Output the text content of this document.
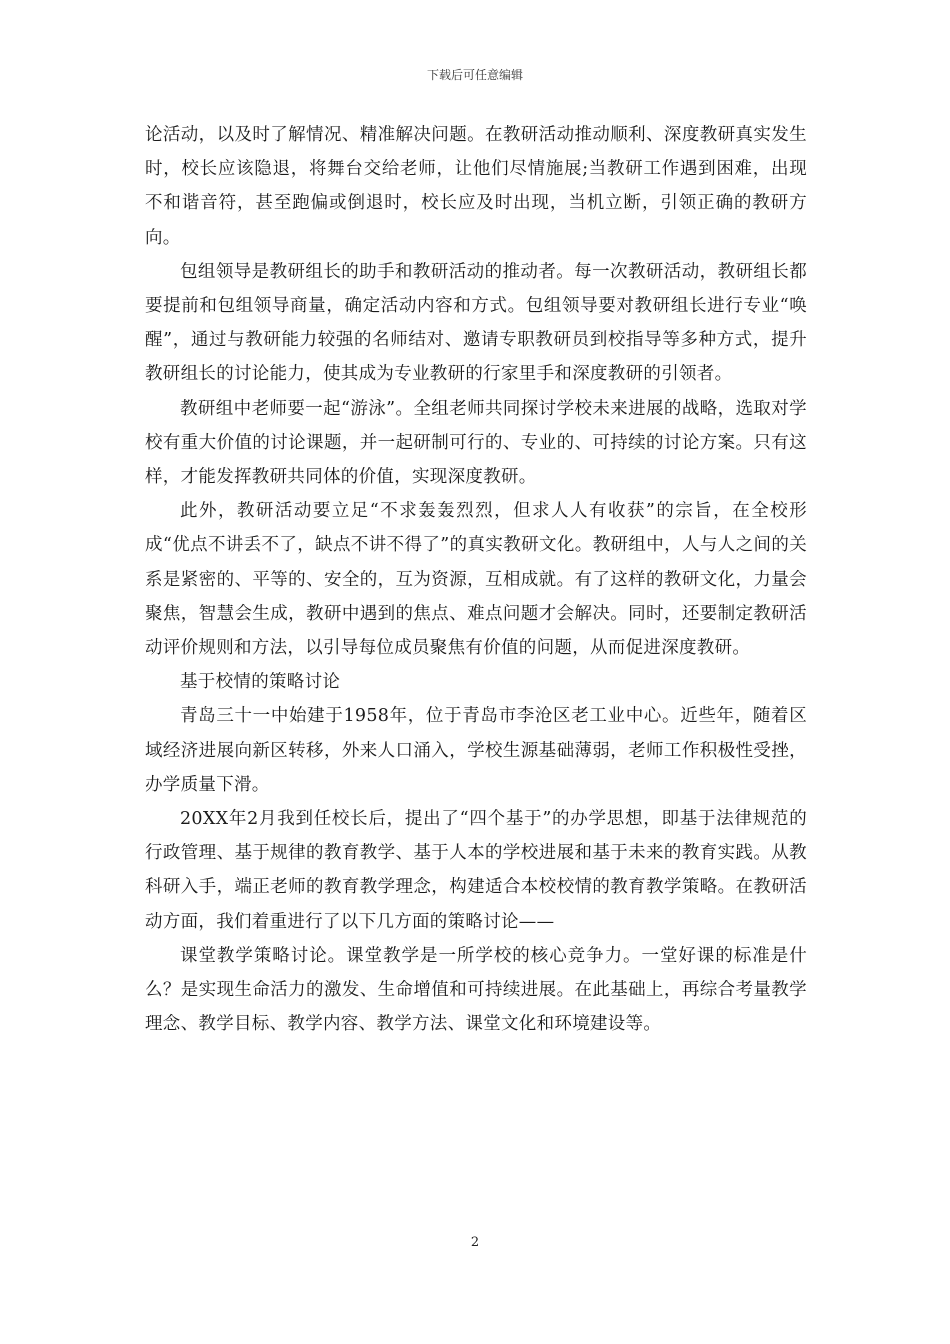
下载后可任意编辑

论活动，以及时了解情况、精准解决问题。在教研活动推动顺利、深度教研真实发生时，校长应该隐退，将舞台交给老师，让他们尽情施展;当教研工作遇到困难，出现不和谐音符，甚至跑偏或倒退时，校长应及时出现，当机立断，引领正确的教研方向。

包组领导是教研组长的助手和教研活动的推动者。每一次教研活动，教研组长都要提前和包组领导商量，确定活动内容和方式。包组领导要对教研组长进行专业“唤醒”，通过与教研能力较强的名师结对、邀请专职教研员到校指导等多种方式，提升教研组长的讨论能力，使其成为专业教研的行家里手和深度教研的引领者。

教研组中老师要一起“游泳”。全组老师共同探讨学校未来进展的战略，选取对学校有重大价值的讨论课题，并一起研制可行的、专业的、可持续的讨论方案。只有这样，才能发挥教研共同体的价值，实现深度教研。

此外，教研活动要立足“不求轰轰烈烈，但求人人有收获”的宗旨，在全校形成“优点不讲丢不了，缺点不讲不得了”的真实教研文化。教研组中，人与人之间的关系是紧密的、平等的、安全的，互为资源，互相成就。有了这样的教研文化，力量会聚焦，智慧会生成，教研中遇到的焦点、难点问题才会解决。同时，还要制定教研活动评价规则和方法，以引导每位成员聚焦有价值的问题，从而促进深度教研。

基于校情的策略讨论

青岛三十一中始建于1958年，位于青岛市李沧区老工业中心。近些年，随着区域经济进展向新区转移，外来人口涌入，学校生源基础薄弱，老师工作积极性受挫，办学质量下滑。

20XX年2月我到任校长后，提出了“四个基于”的办学思想，即基于法律规范的行政管理、基于规律的教育教学、基于人本的学校进展和基于未来的教育实践。从教科研入手，端正老师的教育教学理念，构建适合本校校情的教育教学策略。在教研活动方面，我们着重进行了以下几方面的策略讨论——

课堂教学策略讨论。课堂教学是一所学校的核心竞争力。一堂好课的标准是什么？是实现生命活力的激发、生命增值和可持续进展。在此基础上，再综合考量教学理念、教学目标、教学内容、教学方法、课堂文化和环境建设等。

2
